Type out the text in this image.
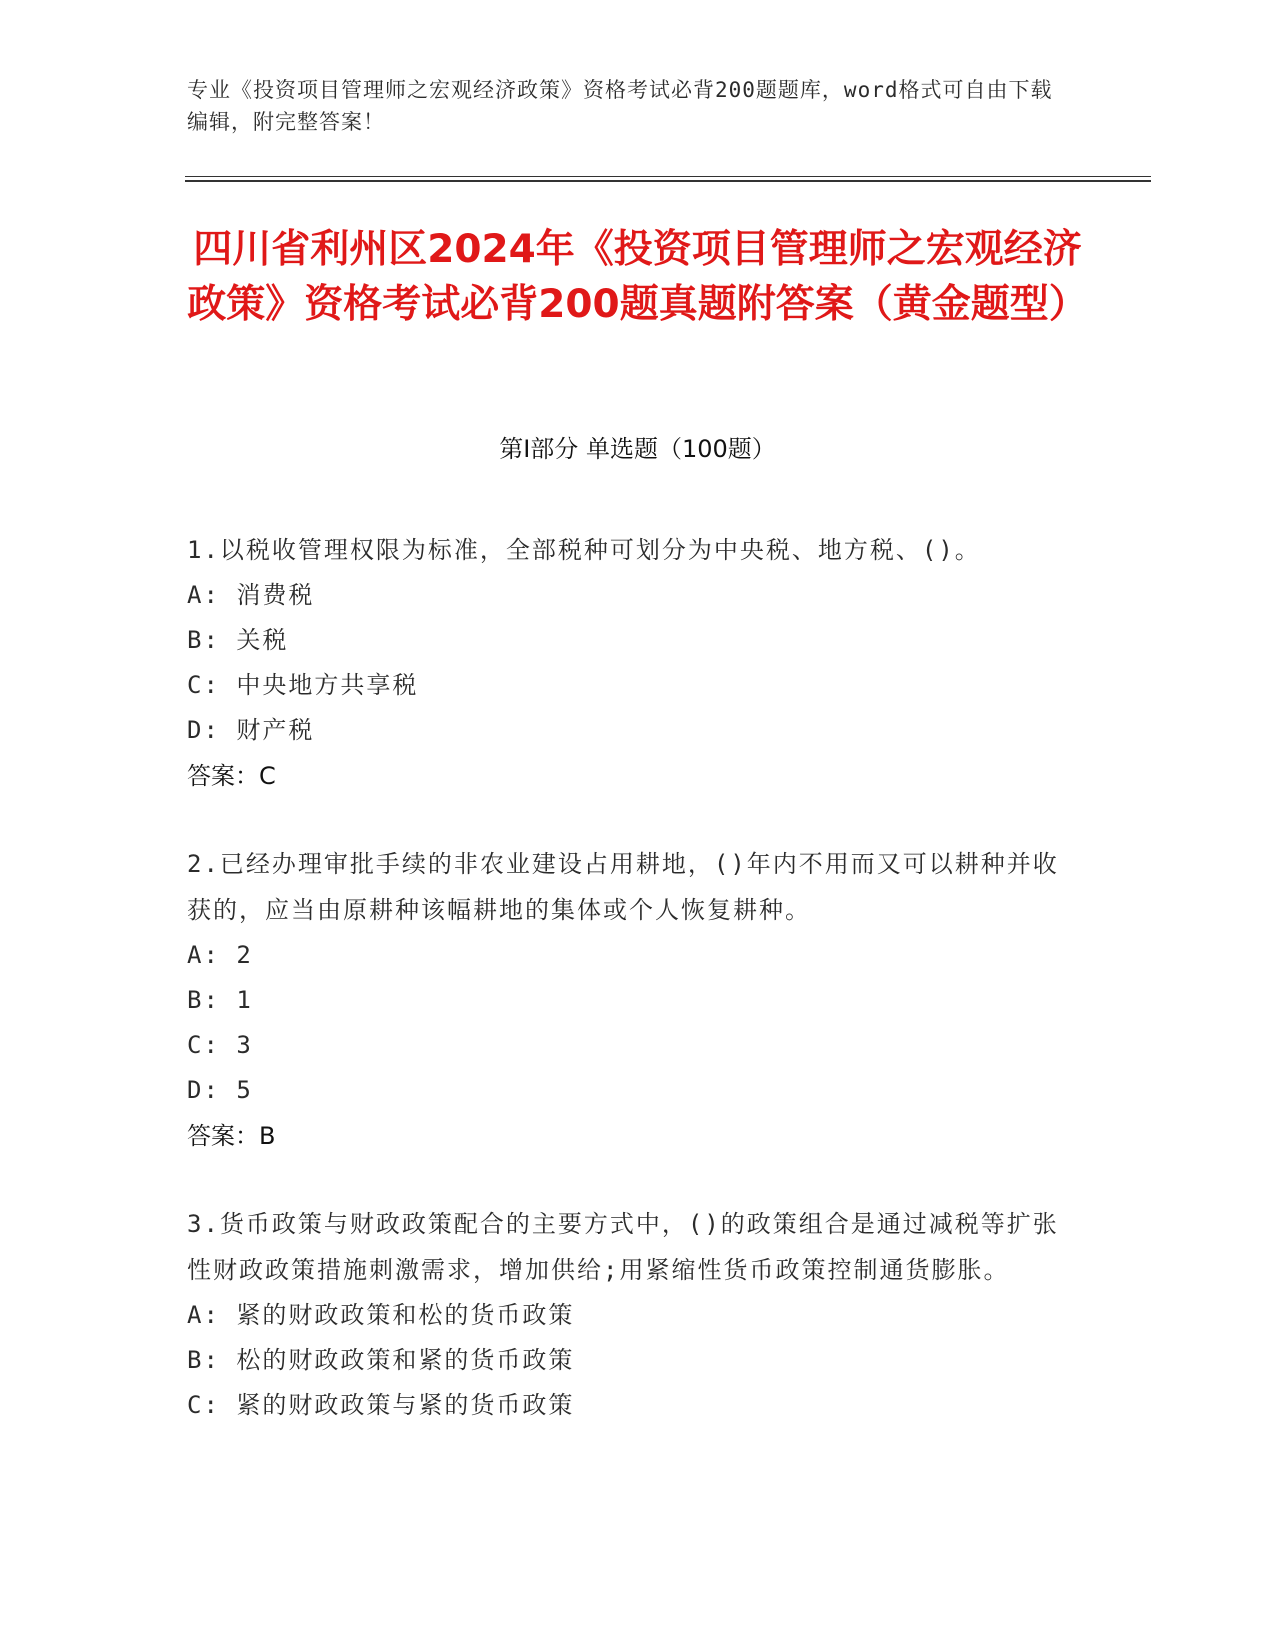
专业《投资项目管理师之宏观经济政策》资格考试必背200题题库，word格式可自由下载编辑，附完整答案！
四川省利州区2024年《投资项目管理师之宏观经济政策》资格考试必背200题真题附答案（黄金题型）
第Ⅰ部分 单选题（100题）
1.以税收管理权限为标准，全部税种可划分为中央税、地方税、()。
A: 消费税
B: 关税
C: 中央地方共享税
D: 财产税
答案：C
2.已经办理审批手续的非农业建设占用耕地，()年内不用而又可以耕种并收获的，应当由原耕种该幅耕地的集体或个人恢复耕种。
A: 2
B: 1
C: 3
D: 5
答案：B
3.货币政策与财政政策配合的主要方式中，()的政策组合是通过减税等扩张性财政政策措施刺激需求，增加供给;用紧缩性货币政策控制通货膨胀。
A: 紧的财政政策和松的货币政策
B: 松的财政政策和紧的货币政策
C: 紧的财政政策与紧的货币政策
